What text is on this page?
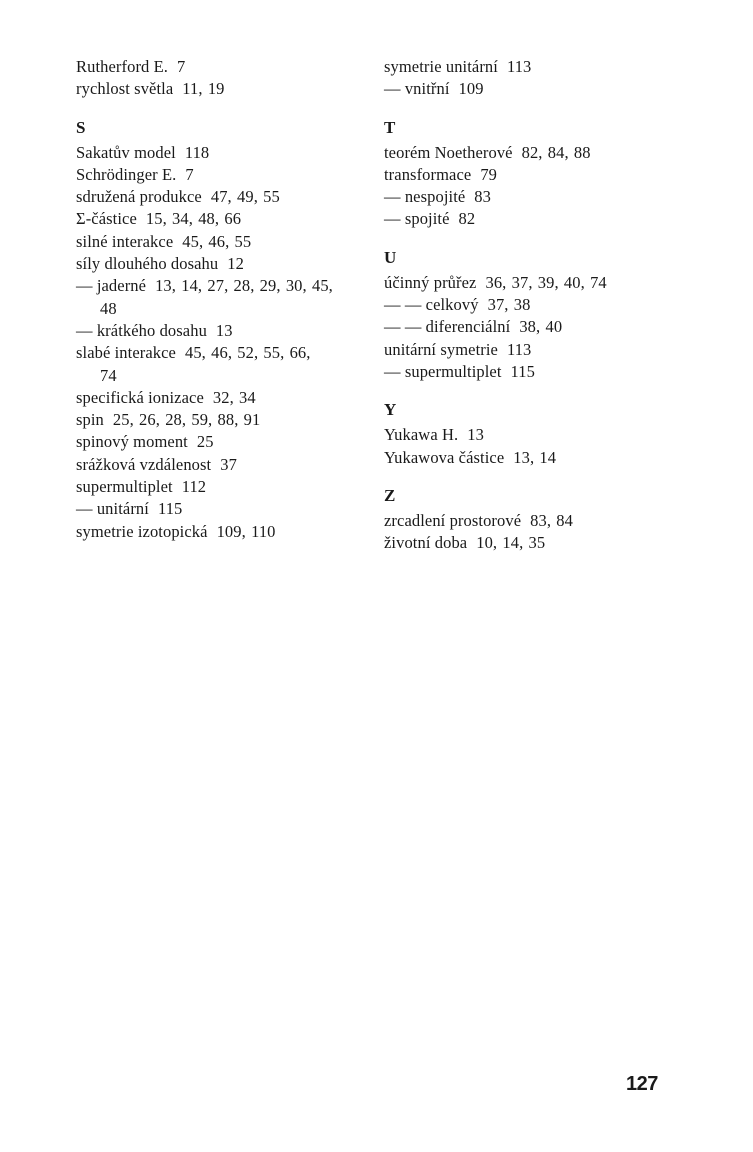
Rutherford E. 7
rychlost světla 11, 19
S
Sakatův model 118
Schrödinger E. 7
sdružená produkce 47, 49, 55
Σ-částice 15, 34, 48, 66
silné interakce 45, 46, 55
síly dlouhého dosahu 12
— jaderné 13, 14, 27, 28, 29, 30, 45,
48
— krátkého dosahu 13
slabé interakce 45, 46, 52, 55, 66,
74
specifická ionizace 32, 34
spin 25, 26, 28, 59, 88, 91
spinový moment 25
srážková vzdálenost 37
supermultiplet 112
— unitární 115
symetrie izotopická 109, 110
symetrie unitární 113
— vnitřní 109
T
teorém Noetherové 82, 84, 88
transformace 79
— nespojité 83
— spojité 82
U
účinný průřez 36, 37, 39, 40, 74
— — celkový 37, 38
— — diferenciální 38, 40
unitární symetrie 113
— supermultiplet 115
Y
Yukawa H. 13
Yukawova částice 13, 14
Z
zrcadlení prostorové 83, 84
životní doba 10, 14, 35
127
